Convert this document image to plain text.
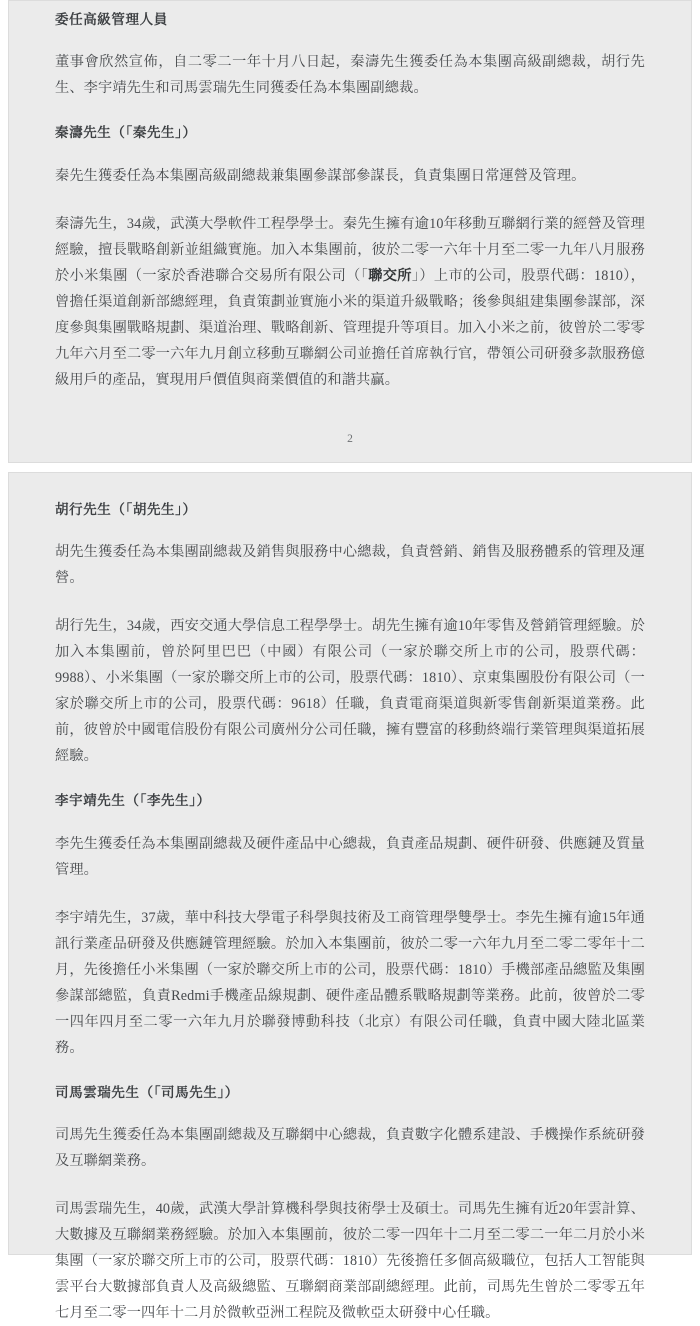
委任高級管理人員

董事會欣然宣佈，自二零二一年十月八日起，秦濤先生獲委任為本集團高級副總裁，胡行先生、李宇靖先生和司馬雲瑞先生同獲委任為本集團副總裁。

秦濤先生（「秦先生」）

秦先生獲委任為本集團高級副總裁兼集團參謀部參謀長，負責集團日常運營及管理。

秦濤先生，34歲，武漢大學軟件工程學學士。秦先生擁有逾10年移動互聯網行業的經營及管理經驗，擅長戰略創新並組織實施。加入本集團前，彼於二零一六年十月至二零一九年八月服務於小米集團（一家於香港聯合交易所有限公司（「聯交所」）上市的公司，股票代碼：1810），曾擔任渠道創新部總經理，負責策劃並實施小米的渠道升級戰略；後參與組建集團參謀部，深度參與集團戰略規劃、渠道治理、戰略創新、管理提升等項目。加入小米之前，彼曾於二零零九年六月至二零一六年九月創立移動互聯網公司並擔任首席執行官，帶領公司研發多款服務億級用戶的產品，實現用戶價值與商業價值的和諧共贏。

2
胡行先生（「胡先生」）

胡先生獲委任為本集團副總裁及銷售與服務中心總裁，負責營銷、銷售及服務體系的管理及運營。

胡行先生，34歲，西安交通大學信息工程學學士。胡先生擁有逾10年零售及營銷管理經驗。於加入本集團前，曾於阿里巴巴（中國）有限公司（一家於聯交所上市的公司，股票代碼：9988）、小米集團（一家於聯交所上市的公司，股票代碼：1810）、京東集團股份有限公司（一家於聯交所上市的公司，股票代碼：9618）任職，負責電商渠道與新零售創新渠道業務。此前，彼曾於中國電信股份有限公司廣州分公司任職，擁有豐富的移動終端行業管理與渠道拓展經驗。

李宇靖先生（「李先生」）

李先生獲委任為本集團副總裁及硬件產品中心總裁，負責產品規劃、硬件研發、供應鏈及質量管理。

李宇靖先生，37歲，華中科技大學電子科學與技術及工商管理學雙學士。李先生擁有逾15年通訊行業產品研發及供應鏈管理經驗。於加入本集團前，彼於二零一六年九月至二零二零年十二月，先後擔任小米集團（一家於聯交所上市的公司，股票代碼：1810）手機部產品總監及集團參謀部總監，負責Redmi手機產品線規劃、硬件產品體系戰略規劃等業務。此前，彼曾於二零一四年四月至二零一六年九月於聯發博動科技（北京）有限公司任職，負責中國大陸北區業務。

司馬雲瑞先生（「司馬先生」）

司馬先生獲委任為本集團副總裁及互聯網中心總裁，負責數字化體系建設、手機操作系統研發及互聯網業務。

司馬雲瑞先生，40歲，武漢大學計算機科學與技術學士及碩士。司馬先生擁有近20年雲計算、大數據及互聯網業務經驗。於加入本集團前，彼於二零一四年十二月至二零二一年二月於小米集團（一家於聯交所上市的公司，股票代碼：1810）先後擔任多個高級職位，包括人工智能與雲平台大數據部負責人及高級總監、互聯網商業部副總經理。此前，司馬先生曾於二零零五年七月至二零一四年十二月於微軟亞洲工程院及微軟亞太研發中心任職。
